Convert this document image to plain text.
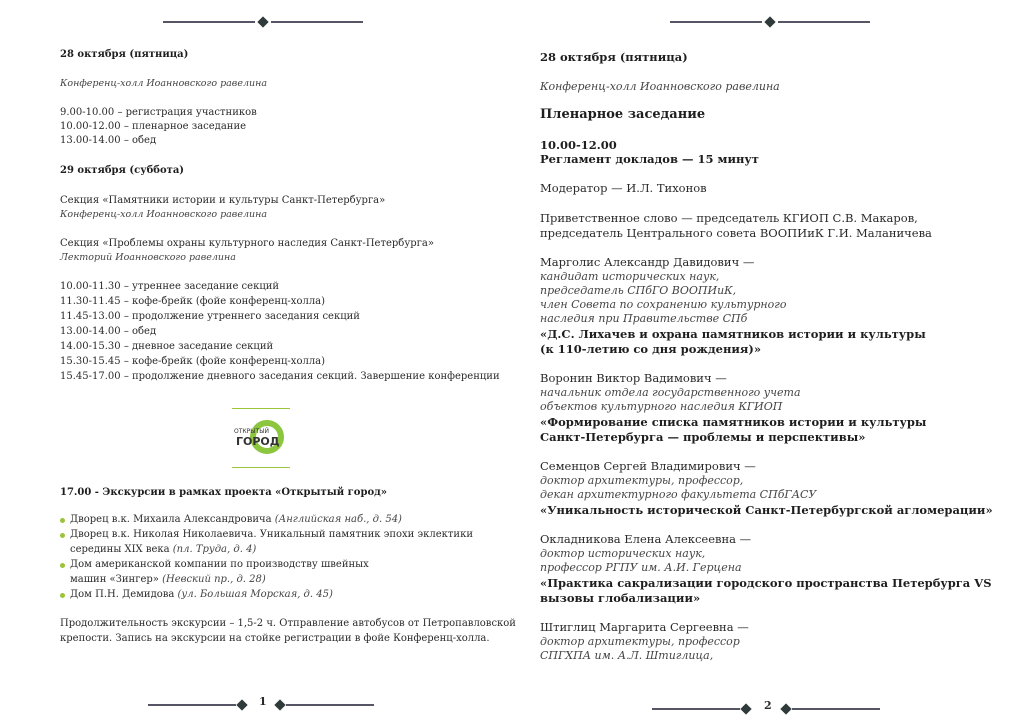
28 октября (пятница)
Конференц-холл Иоанновского равелина
9.00-10.00 – регистрация участников
10.00-12.00 – пленарное заседание
13.00-14.00 – обед
29 октября (суббота)
Секция «Памятники истории и культуры Санкт-Петербурга»
Конференц-холл Иоанновского равелина
Секция «Проблемы охраны культурного наследия Санкт-Петербурга»
Лекторий Иоанновского равелина
10.00-11.30 – утреннее заседание секций
11.30-11.45 – кофе-брейк (фойе конференц-холла)
11.45-13.00 – продолжение утреннего заседания секций
13.00-14.00 – обед
14.00-15.30 – дневное заседание секций
15.30-15.45 – кофе-брейк (фойе конференц-холла)
15.45-17.00 – продолжение дневного заседания секций. Завершение конференции
ОТКРЫТЫЙ
ГОРОД
17.00 - Экскурсии в рамках проекта «Открытый город»
Дворец в.к. Михаила Александровича (Английская наб., д. 54)
Дворец в.к. Николая Николаевича. Уникальный памятник эпохи эклектики
середины XIX века (пл. Труда, д. 4)
Дом американской компании по производству швейных
машин «Зингер» (Невский пр., д. 28)
Дом П.Н. Демидова (ул. Большая Морская, д. 45)
Продолжительность экскурсии – 1,5-2 ч. Отправление автобусов от Петропавловской
крепости. Запись на экскурсии на стойке регистрации в фойе Конференц-холла.
1
28 октября (пятница)
Конференц-холл Иоанновского равелина
Пленарное заседание
10.00-12.00
Регламент докладов — 15 минут
Модератор — И.Л. Тихонов
Приветственное слово — председатель КГИОП С.В. Макаров,
председатель Центрального совета ВООПИиК Г.И. Маланичева
Марголис Александр Давидович —
кандидат исторических наук,
председатель СПбГО ВООПИиК,
член Совета по сохранению культурного
наследия при Правительстве СПб
«Д.С. Лихачев и охрана памятников истории и культуры
(к 110-летию со дня рождения)»
Воронин Виктор Вадимович —
начальник отдела государственного учета
объектов культурного наследия КГИОП
«Формирование списка памятников истории и культуры
Санкт-Петербурга — проблемы и перспективы»
Семенцов Сергей Владимирович —
доктор архитектуры, профессор,
декан архитектурного факультета СПбГАСУ
«Уникальность исторической Санкт-Петербургской агломерации»
Окладникова Елена Алексеевна —
доктор исторических наук,
профессор РГПУ им. А.И. Герцена
«Практика сакрализации городского пространства Петербурга VS
вызовы глобализации»
Штиглиц Маргарита Сергеевна —
доктор архитектуры, профессор
СПГХПА им. А.Л. Штиглица,
2
